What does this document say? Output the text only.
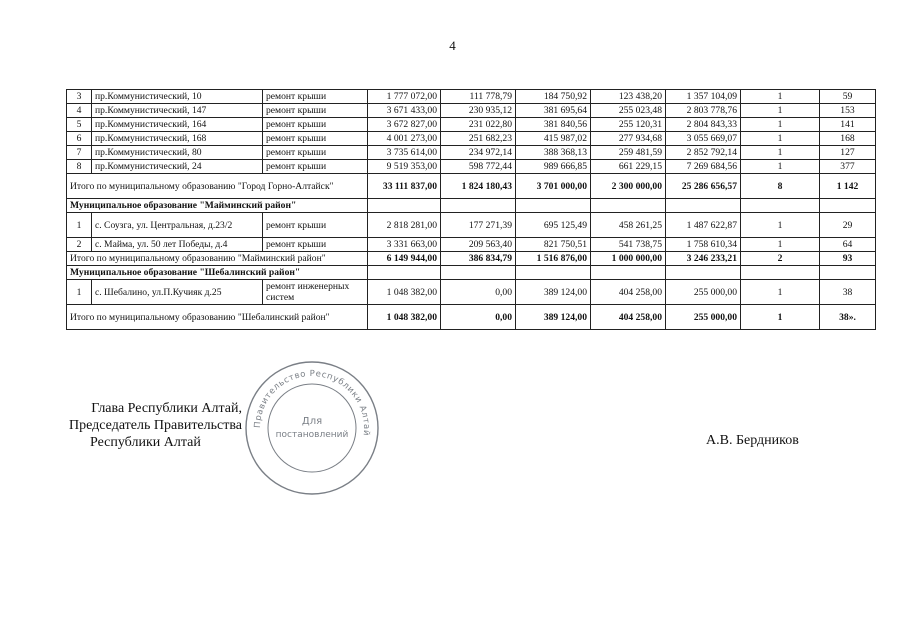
4
3	пр.Коммунистический, 10	ремонт крыши	1 777 072,00	111 778,79	184 750,92	123 438,20	1 357 104,09	1	59
4	пр.Коммунистический, 147	ремонт крыши	3 671 433,00	230 935,12	381 695,64	255 023,48	2 803 778,76	1	153
5	пр.Коммунистический, 164	ремонт крыши	3 672 827,00	231 022,80	381 840,56	255 120,31	2 804 843,33	1	141
6	пр.Коммунистический, 168	ремонт крыши	4 001 273,00	251 682,23	415 987,02	277 934,68	3 055 669,07	1	168
7	пр.Коммунистический, 80	ремонт крыши	3 735 614,00	234 972,14	388 368,13	259 481,59	2 852 792,14	1	127
8	пр.Коммунистический, 24	ремонт крыши	9 519 353,00	598 772,44	989 666,85	661 229,15	7 269 684,56	1	377
Итого по муниципальному образованию "Город Горно-Алтайск"			33 111 837,00	1 824 180,43	3 701 000,00	2 300 000,00	25 286 656,57	8	1 142
Муниципальное образование "Майминский район"									
1	с. Соузга, ул. Центральная, д.23/2	ремонт крыши	2 818 281,00	177 271,39	695 125,49	458 261,25	1 487 622,87	1	29
2	с. Майма, ул. 50 лет Победы, д.4	ремонт крыши	3 331 663,00	209 563,40	821 750,51	541 738,75	1 758 610,34	1	64
Итого по муниципальному образованию "Майминский район"			6 149 944,00	386 834,79	1 516 876,00	1 000 000,00	3 246 233,21	2	93
Муниципальное образование "Шебалинский район"									
1	с. Шебалино, ул.П.Кучияк д.25	ремонт инженерных систем	1 048 382,00	0,00	389 124,00	404 258,00	255 000,00	1	38
Итого по муниципальному образованию "Шебалинский район"			1 048 382,00	0,00	389 124,00	404 258,00	255 000,00	1	38».
Глава Республики Алтай,
Председатель Правительства
Республики Алтай
Правительство Республики Алтай
Для
постановлений	А.В. Бердников
